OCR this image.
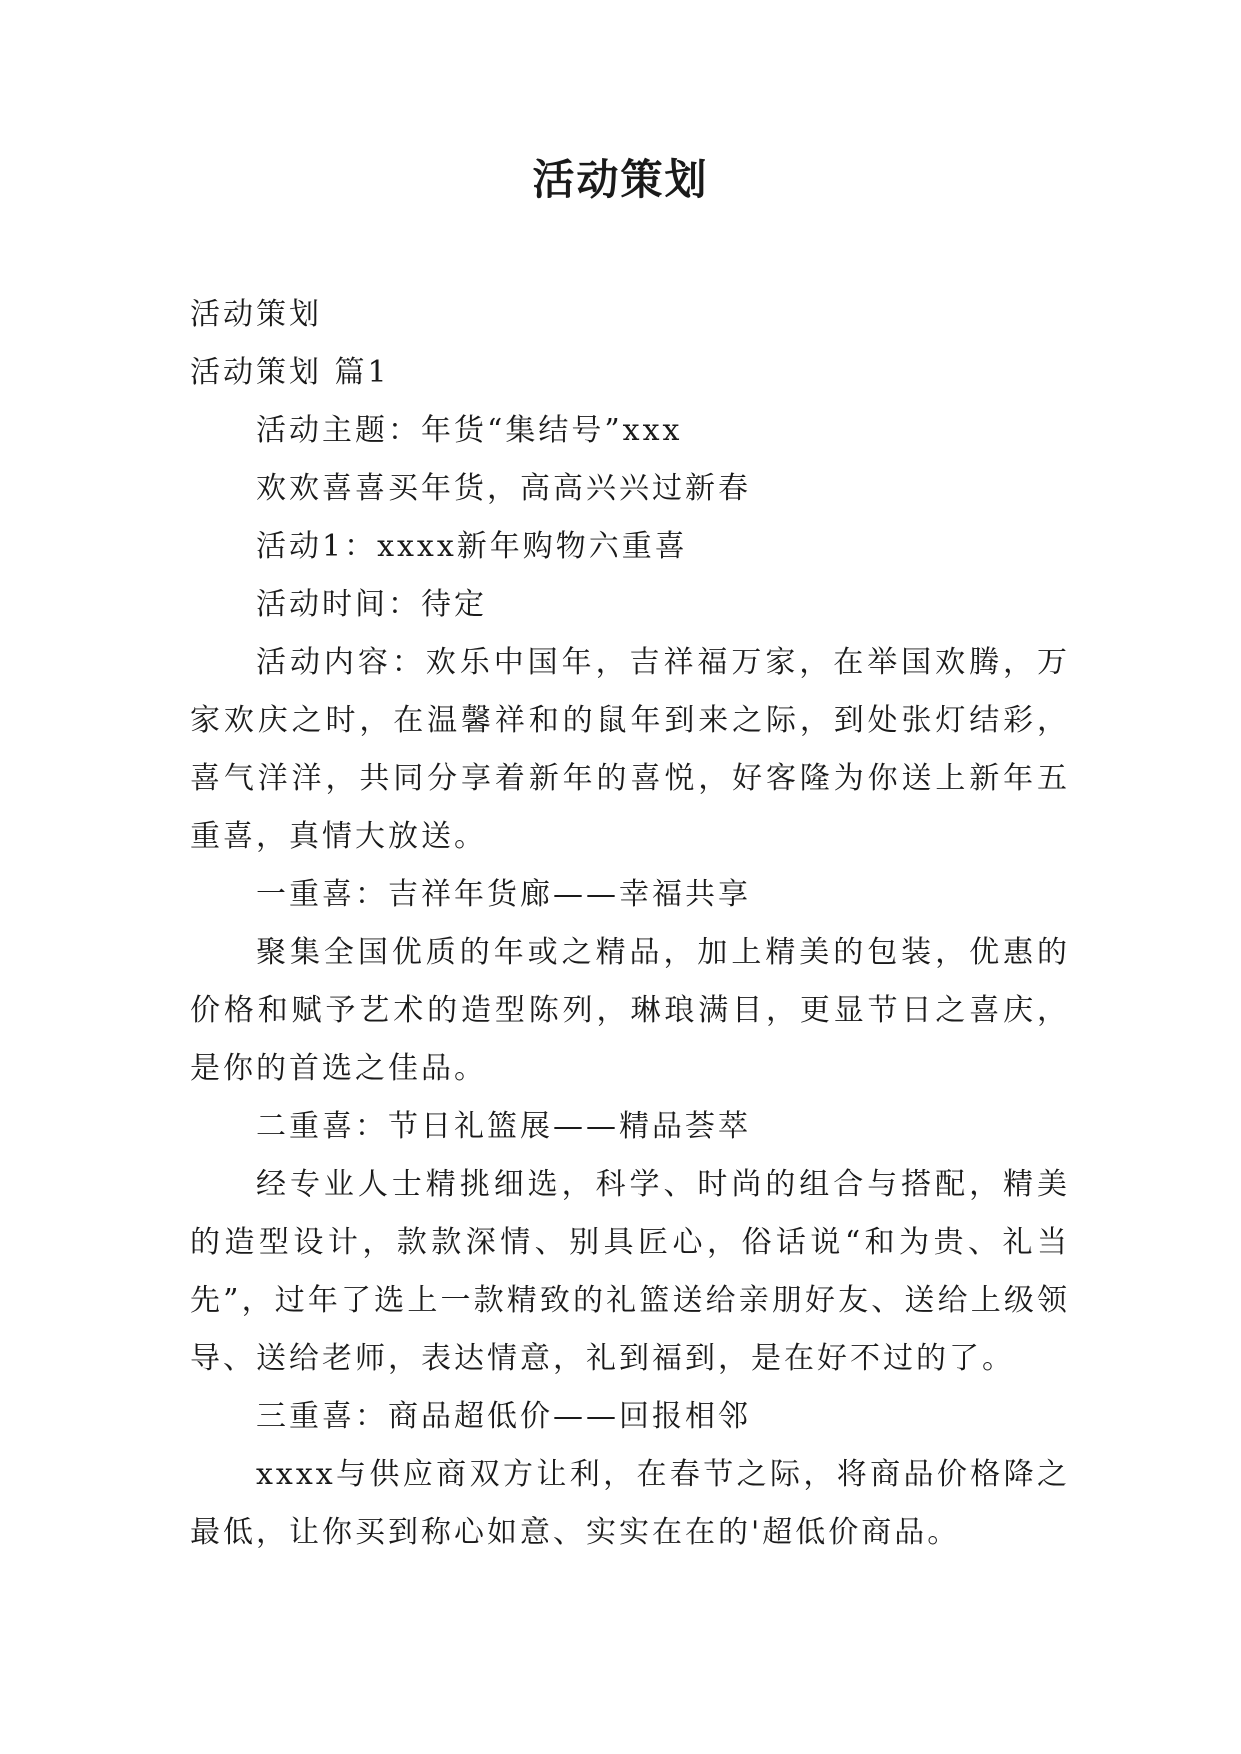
活动策划

活动策划

活动策划 篇1

活动主题：年货“集结号”xxx

欢欢喜喜买年货，高高兴兴过新春

活动1：xxxx新年购物六重喜

活动时间：待定

活动内容：欢乐中国年，吉祥福万家，在举国欢腾，万家欢庆之时，在温馨祥和的鼠年到来之际，到处张灯结彩，喜气洋洋，共同分享着新年的喜悦，好客隆为你送上新年五重喜，真情大放送。

一重喜：吉祥年货廊——幸福共享

聚集全国优质的年或之精品，加上精美的包装，优惠的价格和赋予艺术的造型陈列，琳琅满目，更显节日之喜庆，是你的首选之佳品。

二重喜：节日礼篮展——精品荟萃

经专业人士精挑细选，科学、时尚的组合与搭配，精美的造型设计，款款深情、别具匠心，俗话说“和为贵、礼当先”，过年了选上一款精致的礼篮送给亲朋好友、送给上级领导、送给老师，表达情意，礼到福到，是在好不过的了。

三重喜：商品超低价——回报相邻

xxxx与供应商双方让利，在春节之际，将商品价格降之最低，让你买到称心如意、实实在在的'超低价商品。
